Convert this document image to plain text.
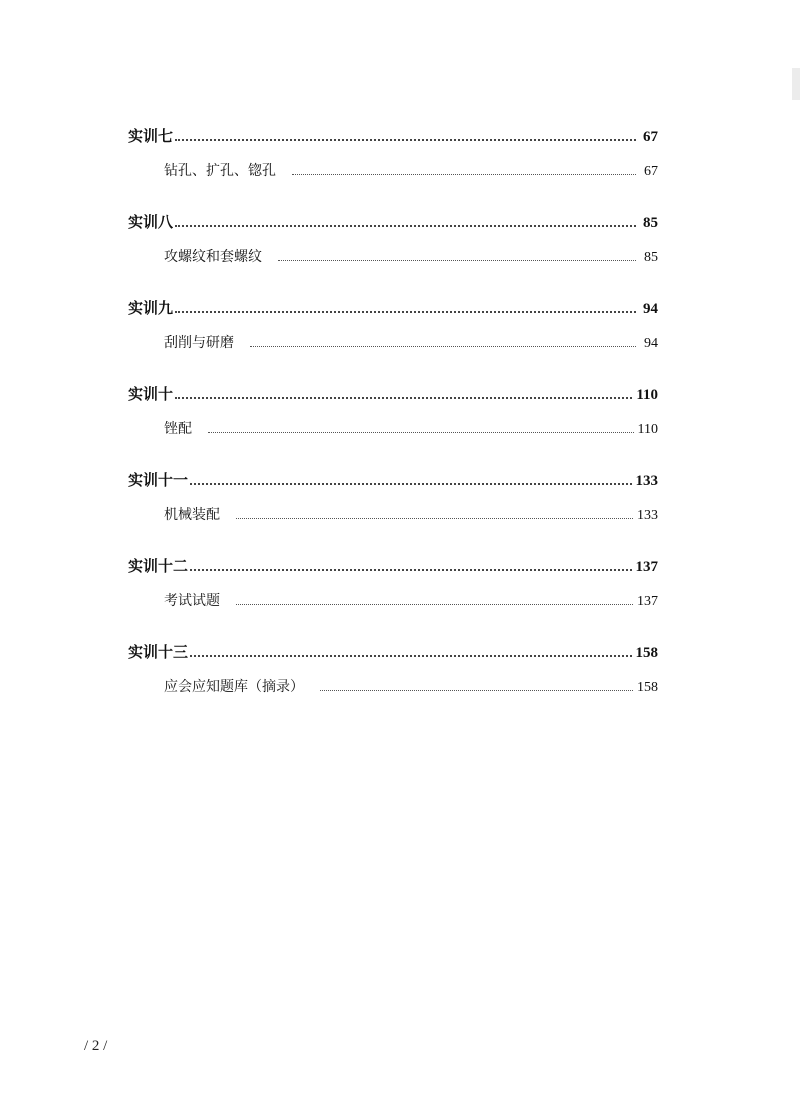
实训七	67
钻孔、扩孔、锪孔	67
实训八	85
攻螺纹和套螺纹	85
实训九	94
刮削与研磨	94
实训十	110
锉配	110
实训十一	133
机械装配	133
实训十二	137
考试试题	137
实训十三	158
应会应知题库（摘录）	158
/ 2 /
